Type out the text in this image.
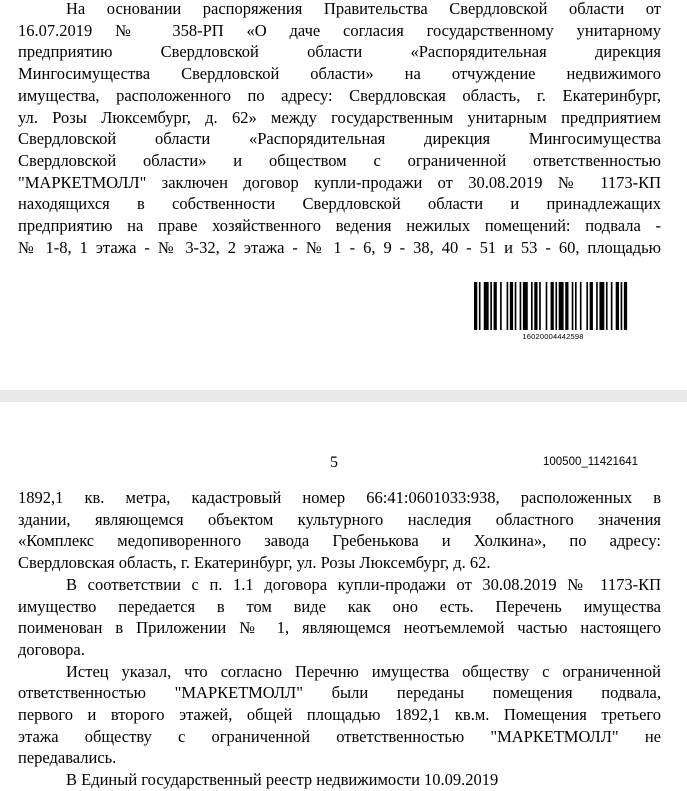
На основании распоряжения Правительства Свердловской области от
16.07.2019 № 358-РП «О даче согласия государственному унитарному
предприятию Свердловской области «Распорядительная дирекция
Мингосимущества Свердловской области» на отчуждение недвижимого
имущества, расположенного по адресу: Свердловская область, г. Екатеринбург,
ул. Розы Люксембург, д. 62» между государственным унитарным предприятием
Свердловской области «Распорядительная дирекция Мингосимущества
Свердловской области» и обществом с ограниченной ответственностью
"МАРКЕТМОЛЛ" заключен договор купли-продажи от 30.08.2019 № 1173-КП
находящихся в собственности Свердловской области и принадлежащих
предприятию на праве хозяйственного ведения нежилых помещений: подвала -
№ 1-8, 1 этажа - № 3-32, 2 этажа - № 1 - 6, 9 - 38, 40 - 51 и 53 - 60, площадью
16020004442598
5	100500_11421641
1892,1 кв. метра, кадастровый номер 66:41:0601033:938, расположенных в
здании, являющемся объектом культурного наследия областного значения
«Комплекс медопиворенного завода Гребенькова и Холкина», по адресу:
Свердловская область, г. Екатеринбург, ул. Розы Люксембург, д. 62.
В соответствии с п. 1.1 договора купли-продажи от 30.08.2019 № 1173-КП
имущество передается в том виде как оно есть. Перечень имущества
поименован в Приложении № 1, являющемся неотъемлемой частью настоящего
договора.
Истец указал, что согласно Перечню имущества обществу с ограниченной
ответственностью "МАРКЕТМОЛЛ" были переданы помещения подвала,
первого и второго этажей, общей площадью 1892,1 кв.м. Помещения третьего
этажа обществу с ограниченной ответственностью "МАРКЕТМОЛЛ" не
передавались.
В Единый государственный реестр недвижимости 10.09.2019
